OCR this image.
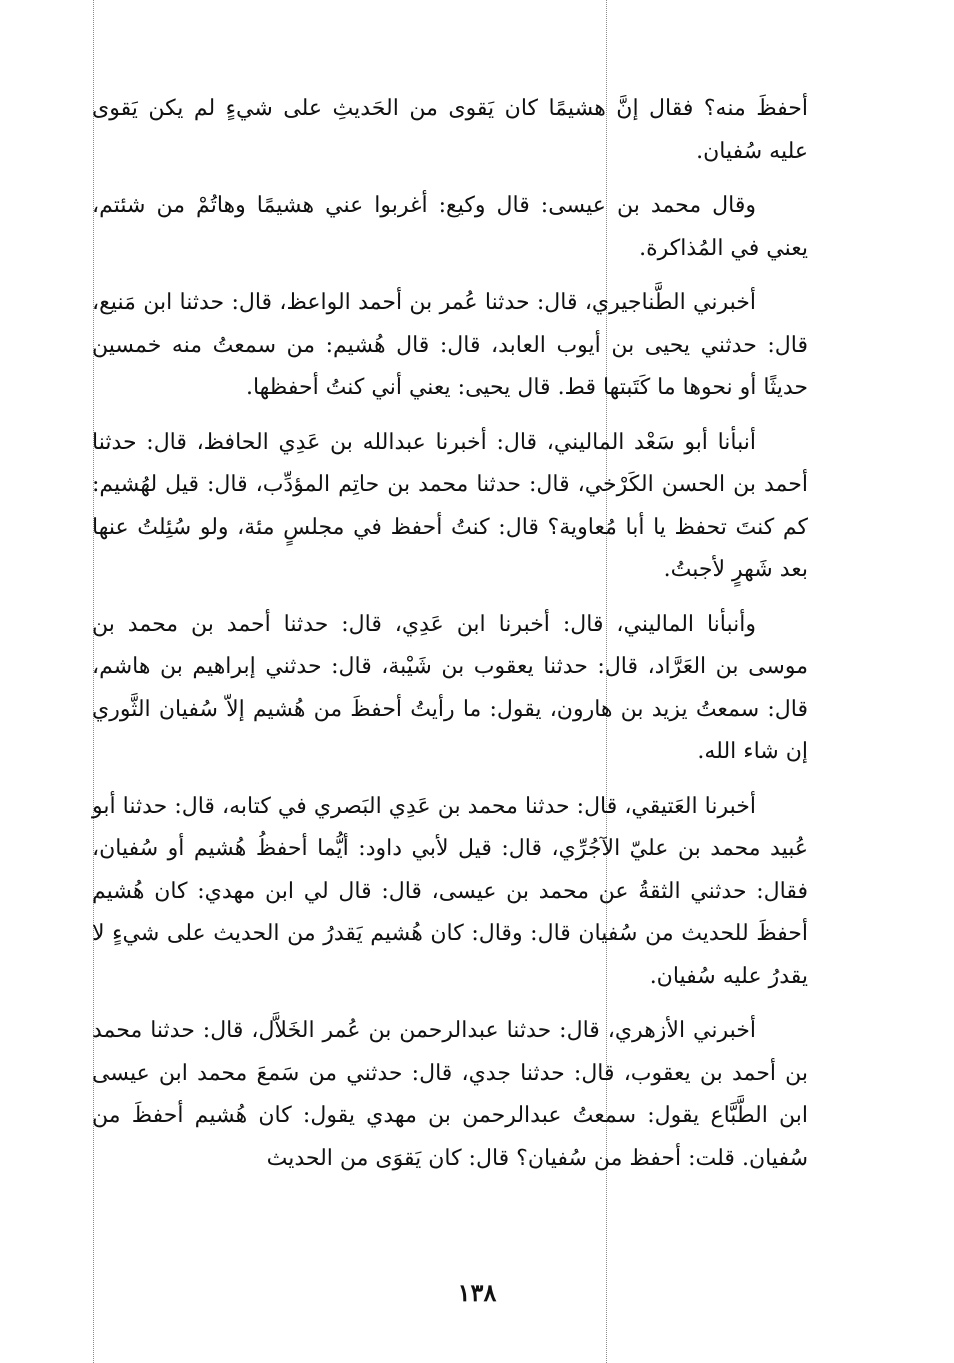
أحفظَ منه؟ فقال إنَّ هشيمًا كان يَقوى من الحَديثِ على شيءٍ لم يكن يَقوى عليه سُفيان.

وقال محمد بن عيسى: قال وكيع: أغربوا عني هشيمًا وهاتُمْ من شئتم، يعني في المُذاكرة.

أخبرني الطَّناجيري، قال: حدثنا عُمر بن أحمد الواعظ، قال: حدثنا ابن مَنيع، قال: حدثني يحيى بن أيوب العابد، قال: قال هُشيم: من سمعتُ منه خمسين حديثًا أو نحوها ما كَتَبتها قط. قال يحيى: يعني أني كنتُ أحفظها.

أنبأنا أبو سَعْد الماليني، قال: أخبرنا عبدالله بن عَدِي الحافظ، قال: حدثنا أحمد بن الحسن الكَرْخي، قال: حدثنا محمد بن حاتِم المؤدِّب، قال: قيل لهُشيم: كم كنتَ تحفظ يا أبا مُعاوية؟ قال: كنتُ أحفظ في مجلسٍ مئة، ولو سُئِلتُ عنها بعد شَهرٍ لأجبتُ.

وأنبأنا الماليني، قال: أخبرنا ابن عَدِي، قال: حدثنا أحمد بن محمد بن موسى بن العَرَّاد، قال: حدثنا يعقوب بن شَيْبة، قال: حدثني إبراهيم بن هاشم، قال: سمعتُ يزيد بن هارون، يقول: ما رأيتُ أحفظَ من هُشيم إلاّ سُفيان الثَّوري إن شاء الله.

أخبرنا العَتيقي، قال: حدثنا محمد بن عَدِي البَصري في كتابه، قال: حدثنا أبو عُبيد محمد بن عليّ الآجُرِّي، قال: قيل لأبي داود: أيُّما أحفظُ هُشيم أو سُفيان، فقال: حدثني الثقةُ عن محمد بن عيسى، قال: قال لي ابن مهدي: كان هُشيم أحفظَ للحديث من سُفيان قال: وقال: كان هُشيم يَقدرُ من الحديث على شيءٍ لا يقدرُ عليه سُفيان.

أخبرني الأزهري، قال: حدثنا عبدالرحمن بن عُمر الخَلاَّل، قال: حدثنا محمد بن أحمد بن يعقوب، قال: حدثنا جدي، قال: حدثني من سَمعَ محمد ابن عيسى ابن الطَّبَّاع يقول: سمعتُ عبدالرحمن بن مهدي يقول: كان هُشيم أحفظَ من سُفيان. قلت: أحفظ من سُفيان؟ قال: كان يَقوَى من الحديث

١٣٨
